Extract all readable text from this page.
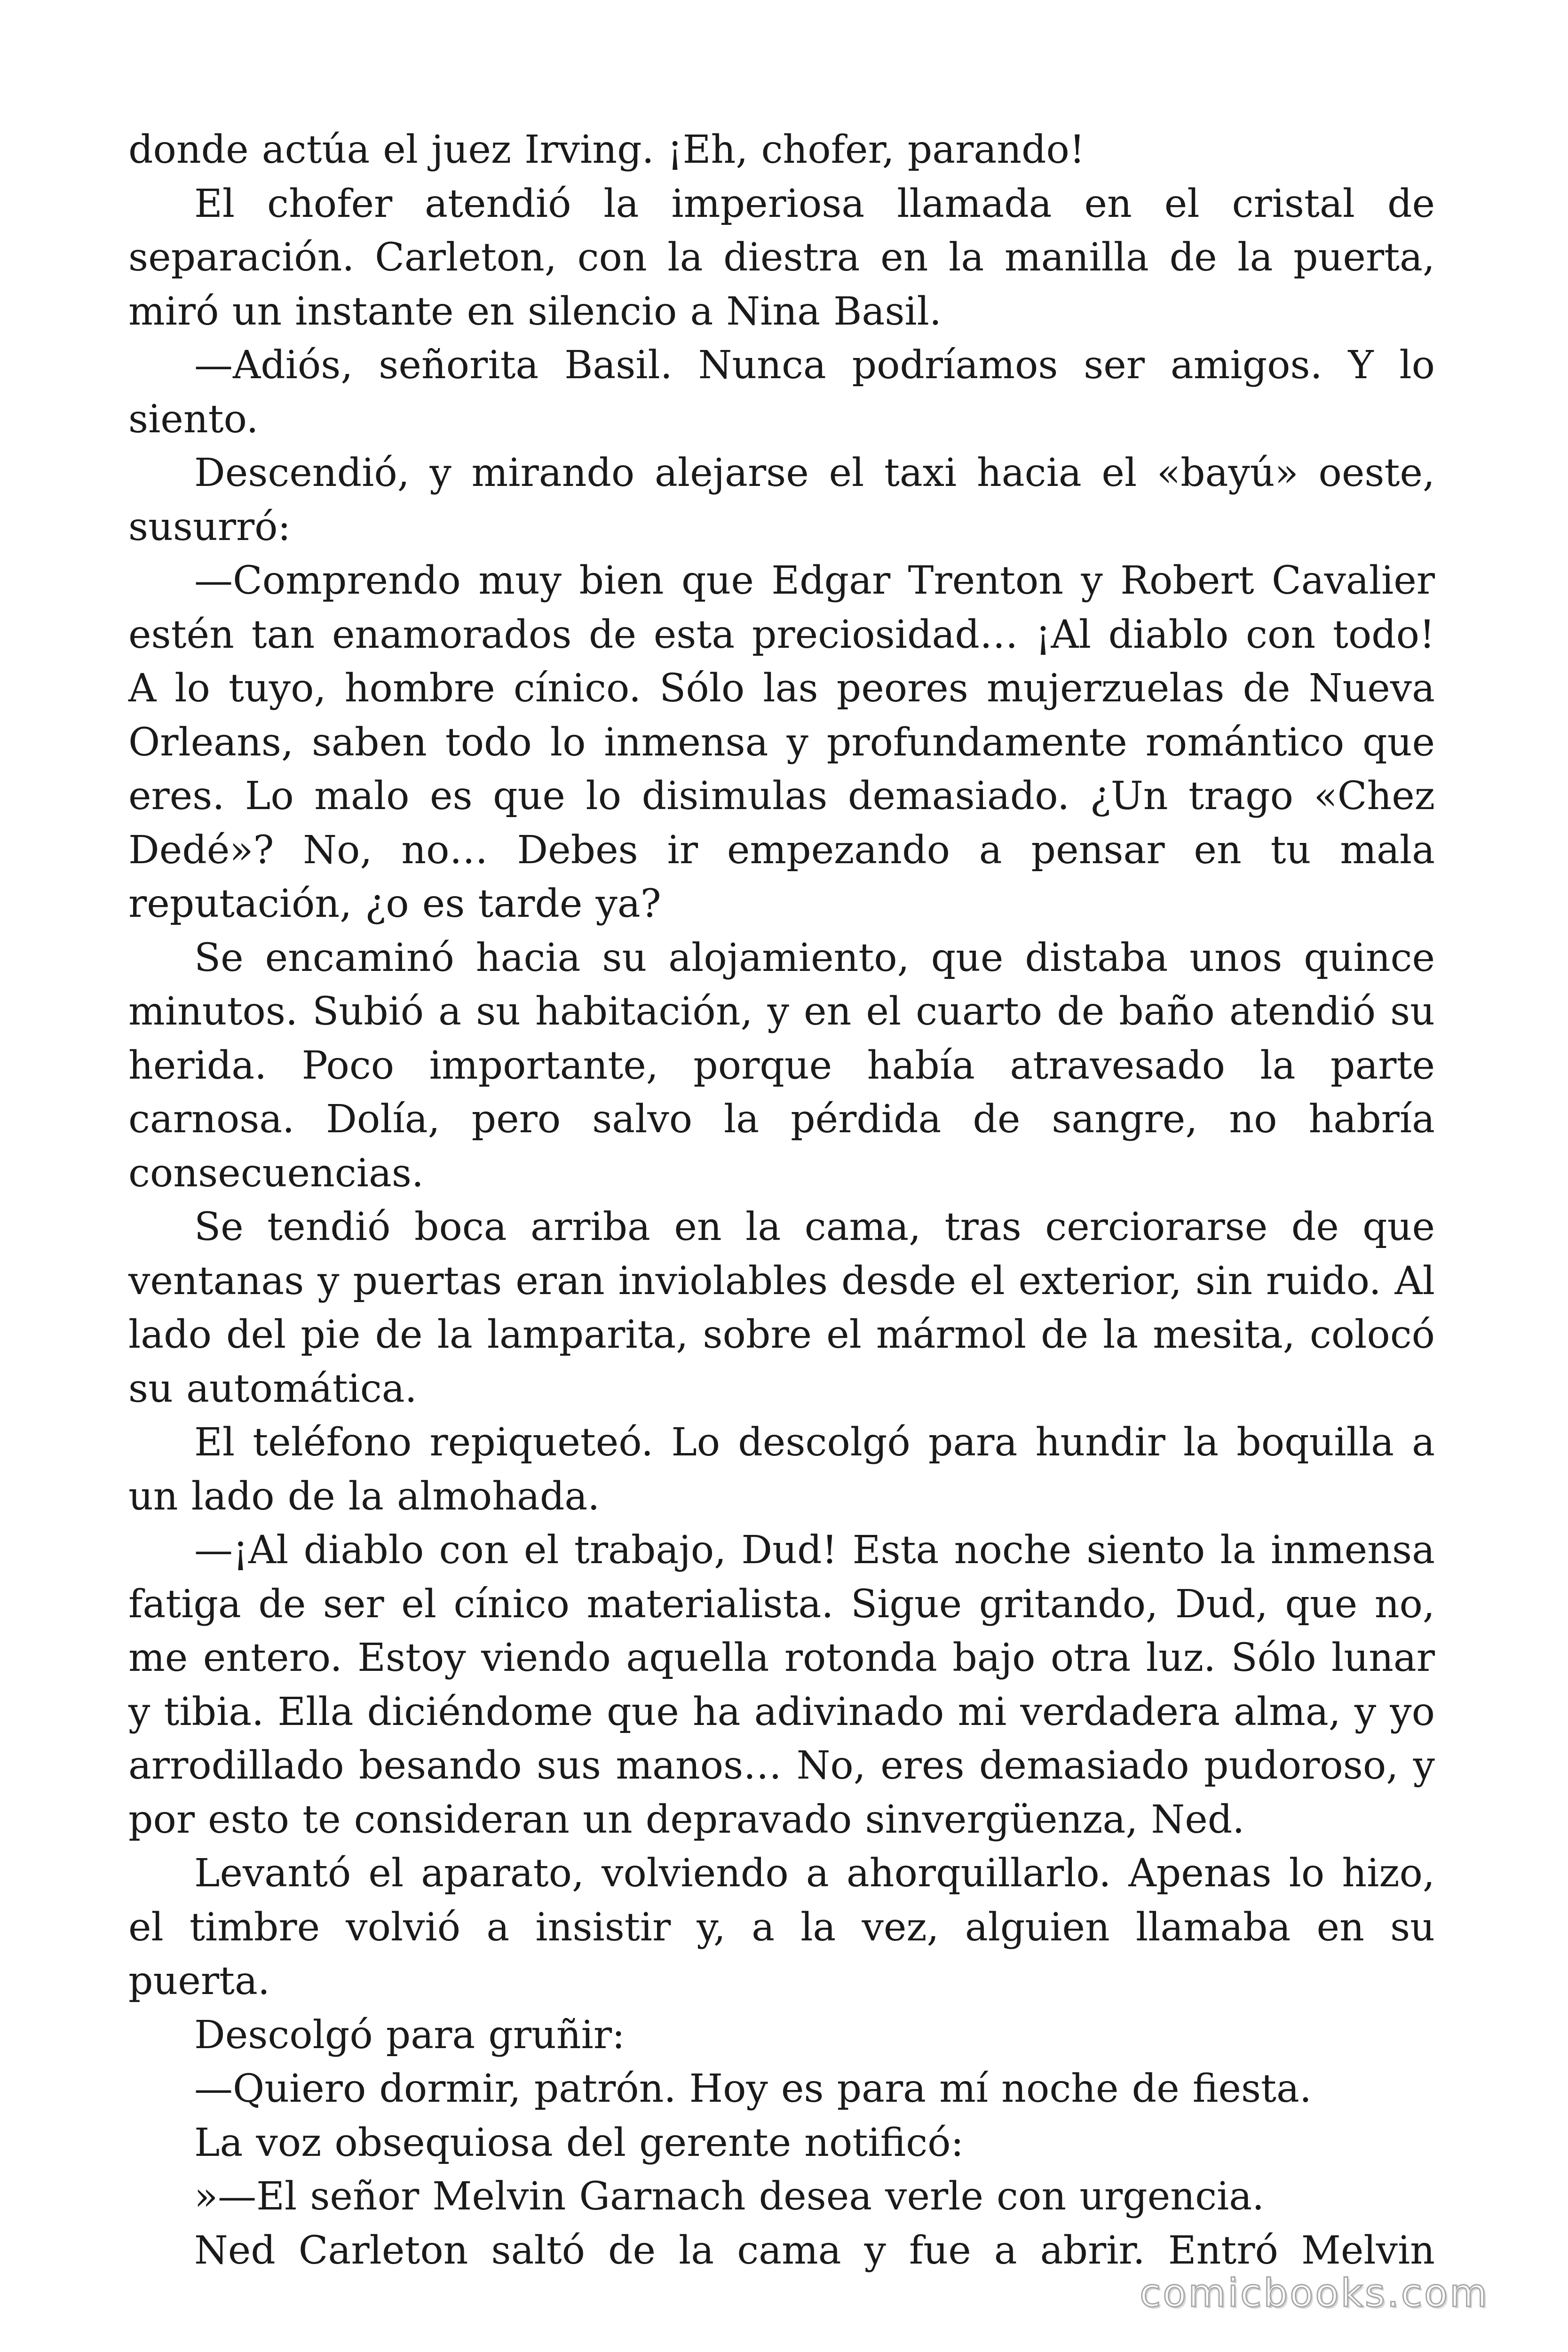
donde actúa el juez Irving. ¡Eh, chofer, parando!

El chofer atendió la imperiosa llamada en el cristal de separación. Carleton, con la diestra en la manilla de la puerta, miró un instante en silencio a Nina Basil.

—Adiós, señorita Basil. Nunca podríamos ser amigos. Y lo siento.

Descendió, y mirando alejarse el taxi hacia el «bayú» oeste, susurró:

—Comprendo muy bien que Edgar Trenton y Robert Cavalier estén tan enamorados de esta preciosidad… ¡Al diablo con todo! A lo tuyo, hombre cínico. Sólo las peores mujerzuelas de Nueva Orleans, saben todo lo inmensa y profundamente romántico que eres. Lo malo es que lo disimulas demasiado. ¿Un trago «Chez Dedé»? No, no… Debes ir empezando a pensar en tu mala reputación, ¿o es tarde ya?

Se encaminó hacia su alojamiento, que distaba unos quince minutos. Subió a su habitación, y en el cuarto de baño atendió su herida. Poco importante, porque había atravesado la parte carnosa. Dolía, pero salvo la pérdida de sangre, no habría consecuencias.

Se tendió boca arriba en la cama, tras cerciorarse de que ventanas y puertas eran inviolables desde el exterior, sin ruido. Al lado del pie de la lamparita, sobre el mármol de la mesita, colocó su automática.

El teléfono repiqueteó. Lo descolgó para hundir la boquilla a un lado de la almohada.

—¡Al diablo con el trabajo, Dud! Esta noche siento la inmensa fatiga de ser el cínico materialista. Sigue gritando, Dud, que no, me entero. Estoy viendo aquella rotonda bajo otra luz. Sólo lunar y tibia. Ella diciéndome que ha adivinado mi verdadera alma, y yo arrodillado besando sus manos… No, eres demasiado pudoroso, y por esto te consideran un depravado sinvergüenza, Ned.

Levantó el aparato, volviendo a ahorquillarlo. Apenas lo hizo, el timbre volvió a insistir y, a la vez, alguien llamaba en su puerta.

Descolgó para gruñir:

—Quiero dormir, patrón. Hoy es para mí noche de fiesta.

La voz obsequiosa del gerente notificó:

»—El señor Melvin Garnach desea verle con urgencia.

Ned Carleton saltó de la cama y fue a abrir. Entró Melvin

comicbooks.com
